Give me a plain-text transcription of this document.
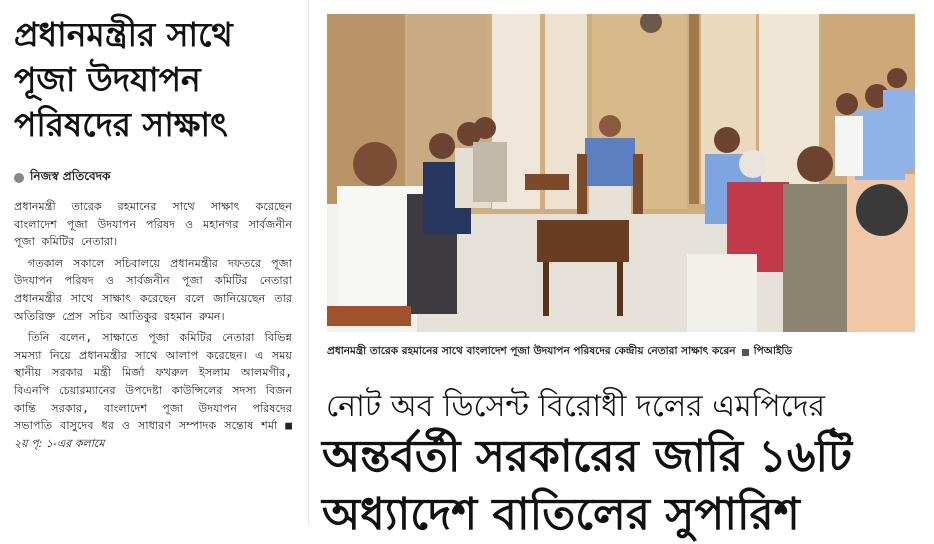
প্রধানমন্ত্রীর সাথে
পূজা উদযাপন
পরিষদের সাক্ষাৎ
নিজস্ব প্রতিবেদক

প্রধানমন্ত্রী তারেক রহমানের সাথে সাক্ষাৎ করেছেন বাংলাদেশ পূজা উদযাপন পরিষদ ও মহানগর সার্বজনীন পূজা কমিটির নেতারা।

গতকাল সকালে সচিবালয়ে প্রধানমন্ত্রীর দফতরে পূজা উদযাপন পরিষদ ও সার্বজনীন পূজা কমিটির নেতারা প্রধানমন্ত্রীর সাথে সাক্ষাৎ করেছেন বলে জানিয়েছেন তার অতিরিক্ত প্রেস সচিব আতিকুর রহমান রুমন।

তিনি বলেন, সাক্ষাতে পূজা কমিটির নেতারা বিভিন্ন সমস্যা নিয়ে প্রধানমন্ত্রীর সাথে আলাপ করেছেন। এ সময় স্থানীয় সরকার মন্ত্রী মির্জা ফখরুল ইসলাম আলমগীর, বিএনপি চেয়ারম্যানের উপদেষ্টা কাউন্সিলের সদস্য বিজন কান্তি সরকার, বাংলাদেশ পূজা উদযাপন পরিষদের সভাপতি বাসুদেব ধর ও সাধারণ সম্পাদক সন্তোষ শর্মা ■ ২য় পৃ: ১-এর কলামে

প্রধানমন্ত্রী তারেক রহমানের সাথে বাংলাদেশ পূজা উদযাপন পরিষদের কেন্দ্রীয় নেতারা সাক্ষাৎ করেন পিআইডি
নোট অব ডিসেন্ট বিরোধী দলের এমপিদের
অন্তর্বর্তী সরকারের জারি ১৬টি
অধ্যাদেশ বাতিলের সুপারিশ
